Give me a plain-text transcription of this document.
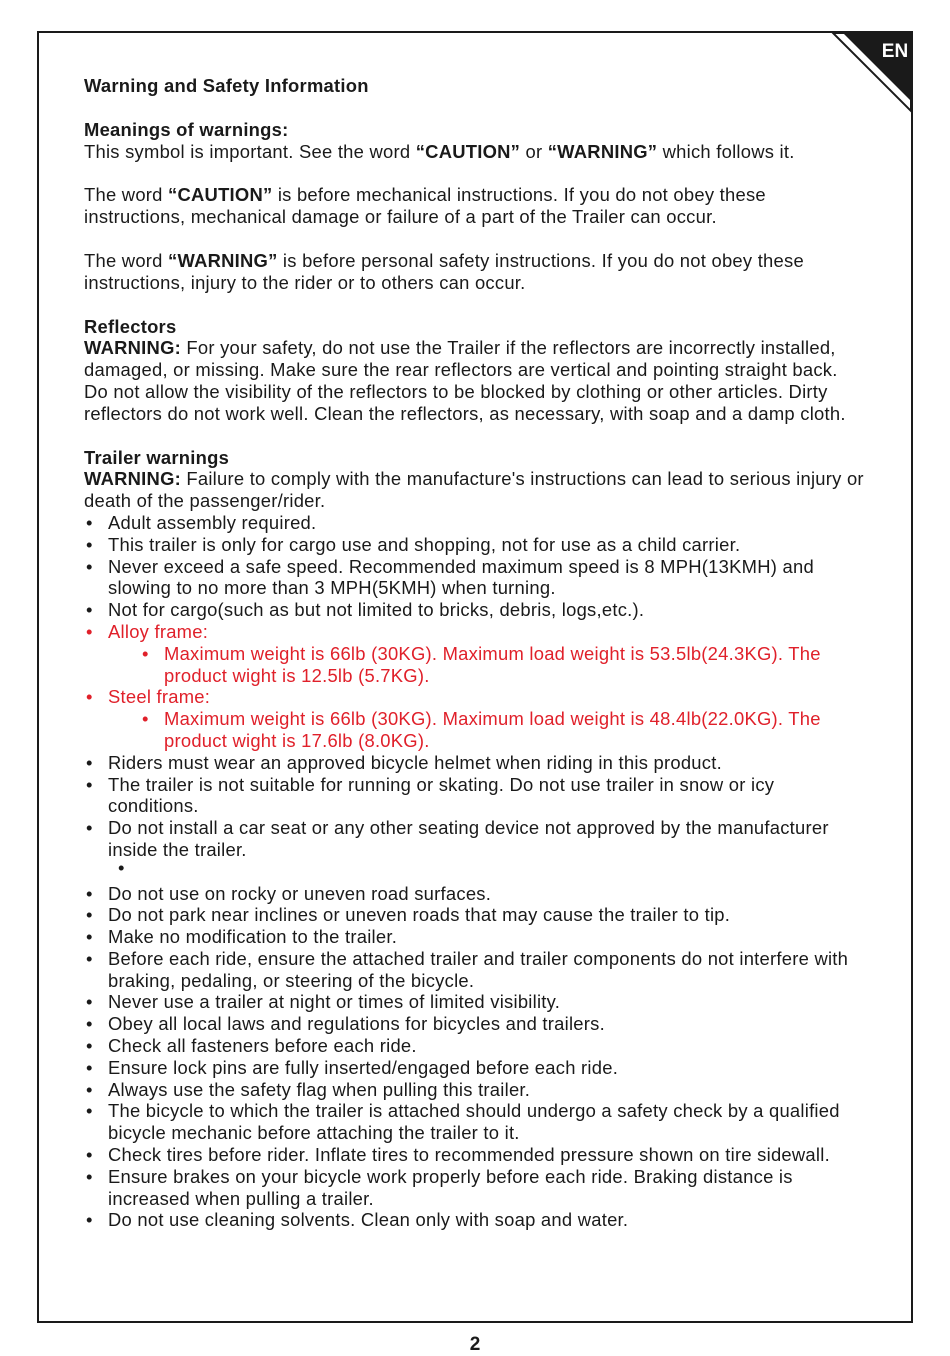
EN

Warning and Safety Information

Meanings of warnings:

This symbol is important. See the word “CAUTION” or “WARNING” which follows it.

The word “CAUTION” is before mechanical instructions. If you do not obey these instructions, mechanical damage or failure of a part of the Trailer can occur.

The word “WARNING” is before personal safety instructions. If you do not obey these instructions, injury to the rider or to others can occur.

Reflectors

WARNING: For your safety, do not use the Trailer if the reflectors are incorrectly installed, damaged, or missing. Make sure the rear reflectors are vertical and pointing straight back. Do not allow the visibility of the reflectors to be blocked by clothing or other articles. Dirty reflectors do not work well. Clean the reflectors, as necessary, with soap and a damp cloth.

Trailer warnings

WARNING: Failure to comply with the manufacture's instructions can lead to serious injury or death of the passenger/rider.

• Adult assembly required.
• This trailer is only for cargo use and shopping, not for use as a child carrier.
• Never exceed a safe speed. Recommended maximum speed is 8 MPH(13KMH) and slowing to no more than 3 MPH(5KMH) when turning.
• Not for cargo(such as but not limited to bricks, debris, logs,etc.).
• Alloy frame:
• Maximum weight is 66lb (30KG). Maximum load weight is 53.5lb(24.3KG). The product wight is 12.5lb (5.7KG).
• Steel frame:
• Maximum weight is 66lb (30KG). Maximum load weight is 48.4lb(22.0KG). The product wight is 17.6lb (8.0KG).
• Riders must wear an approved bicycle helmet when riding in this product.
• The trailer is not suitable for running or skating. Do not use trailer in snow or icy conditions.
• Do not install a car seat or any other seating device not approved by the manufacturer inside the trailer.
•
• Do not use on rocky or uneven road surfaces.
• Do not park near inclines or uneven roads that may cause the trailer to tip.
• Make no modification to the trailer.
• Before each ride, ensure the attached trailer and trailer components do not interfere with braking, pedaling, or steering of the bicycle.
• Never use a trailer at night or times of limited visibility.
• Obey all local laws and regulations for bicycles and trailers.
• Check all fasteners before each ride.
• Ensure lock pins are fully inserted/engaged before each ride.
• Always use the safety flag when pulling this trailer.
• The bicycle to which the trailer is attached should undergo a safety check by a qualified bicycle mechanic before attaching the trailer to it.
• Check tires before rider. Inflate tires to recommended pressure shown on tire sidewall.
• Ensure brakes on your bicycle work properly before each ride. Braking distance is increased when pulling a trailer.
• Do not use cleaning solvents. Clean only with soap and water.
2
